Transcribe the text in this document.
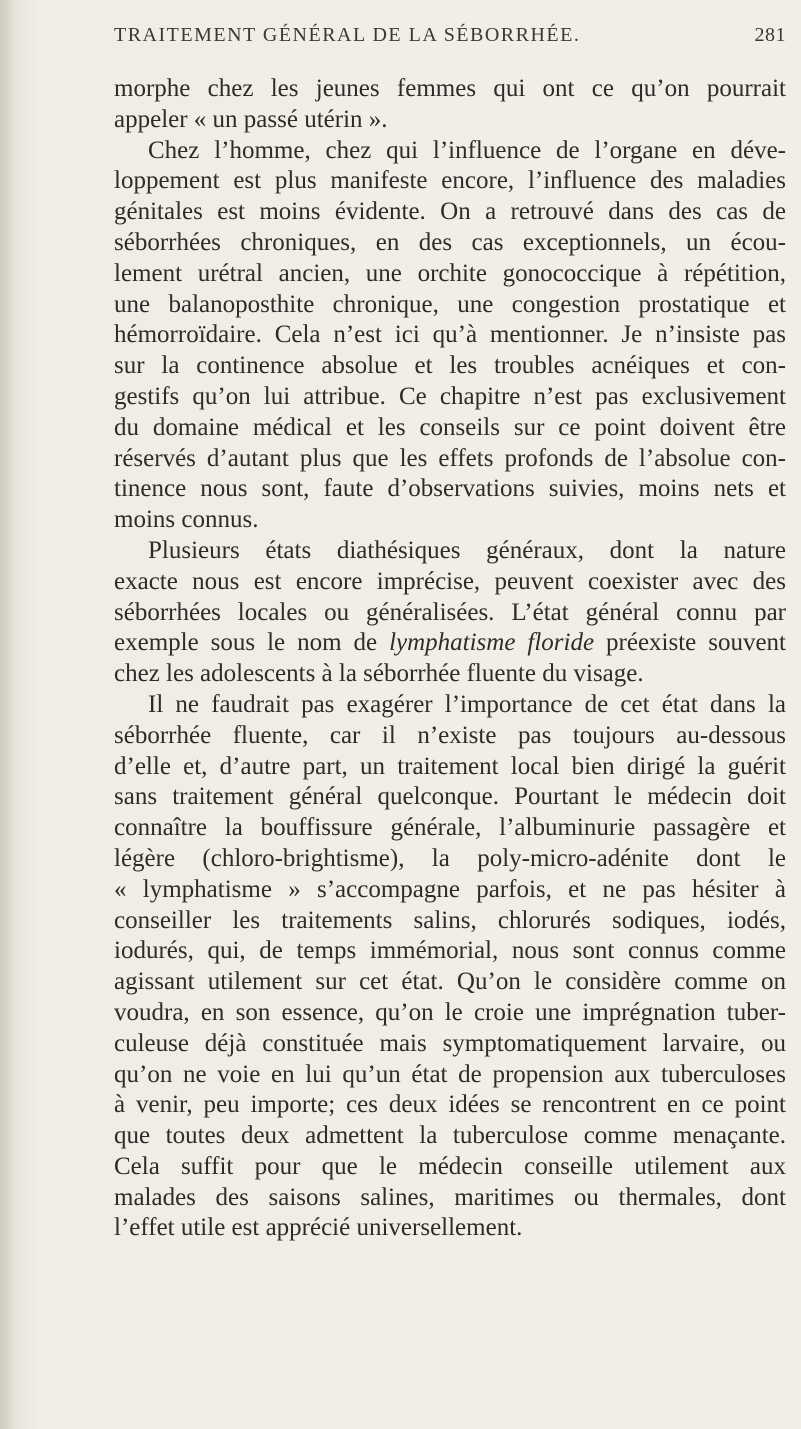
TRAITEMENT GÉNÉRAL DE LA SÉBORRHÉE.	281
morphe chez les jeunes femmes qui ont ce qu’on pourrait
appeler « un passé utérin ».
Chez l’homme, chez qui l’influence de l’organe en déve-
loppement est plus manifeste encore, l’influence des maladies
génitales est moins évidente. On a retrouvé dans des cas de
séborrhées chroniques, en des cas exceptionnels, un écou-
lement urétral ancien, une orchite gonococcique à répétition,
une balanoposthite chronique, une congestion prostatique et
hémorroïdaire. Cela n’est ici qu’à mentionner. Je n’insiste pas
sur la continence absolue et les troubles acnéiques et con-
gestifs qu’on lui attribue. Ce chapitre n’est pas exclusivement
du domaine médical et les conseils sur ce point doivent être
réservés d’autant plus que les effets profonds de l’absolue con-
tinence nous sont, faute d’observations suivies, moins nets et
moins connus.
Plusieurs états diathésiques généraux, dont la nature
exacte nous est encore imprécise, peuvent coexister avec des
séborrhées locales ou généralisées. L’état général connu par
exemple sous le nom de lymphatisme floride préexiste souvent
chez les adolescents à la séborrhée fluente du visage.
Il ne faudrait pas exagérer l’importance de cet état dans la
séborrhée fluente, car il n’existe pas toujours au-dessous
d’elle et, d’autre part, un traitement local bien dirigé la guérit
sans traitement général quelconque. Pourtant le médecin doit
connaître la bouffissure générale, l’albuminurie passagère et
légère (chloro-brightisme), la poly-micro-adénite dont le
« lymphatisme » s’accompagne parfois, et ne pas hésiter à
conseiller les traitements salins, chlorurés sodiques, iodés,
iodurés, qui, de temps immémorial, nous sont connus comme
agissant utilement sur cet état. Qu’on le considère comme on
voudra, en son essence, qu’on le croie une imprégnation tuber-
culeuse déjà constituée mais symptomatiquement larvaire, ou
qu’on ne voie en lui qu’un état de propension aux tuberculoses
à venir, peu importe; ces deux idées se rencontrent en ce point
que toutes deux admettent la tuberculose comme menaçante.
Cela suffit pour que le médecin conseille utilement aux
malades des saisons salines, maritimes ou thermales, dont
l’effet utile est apprécié universellement.
